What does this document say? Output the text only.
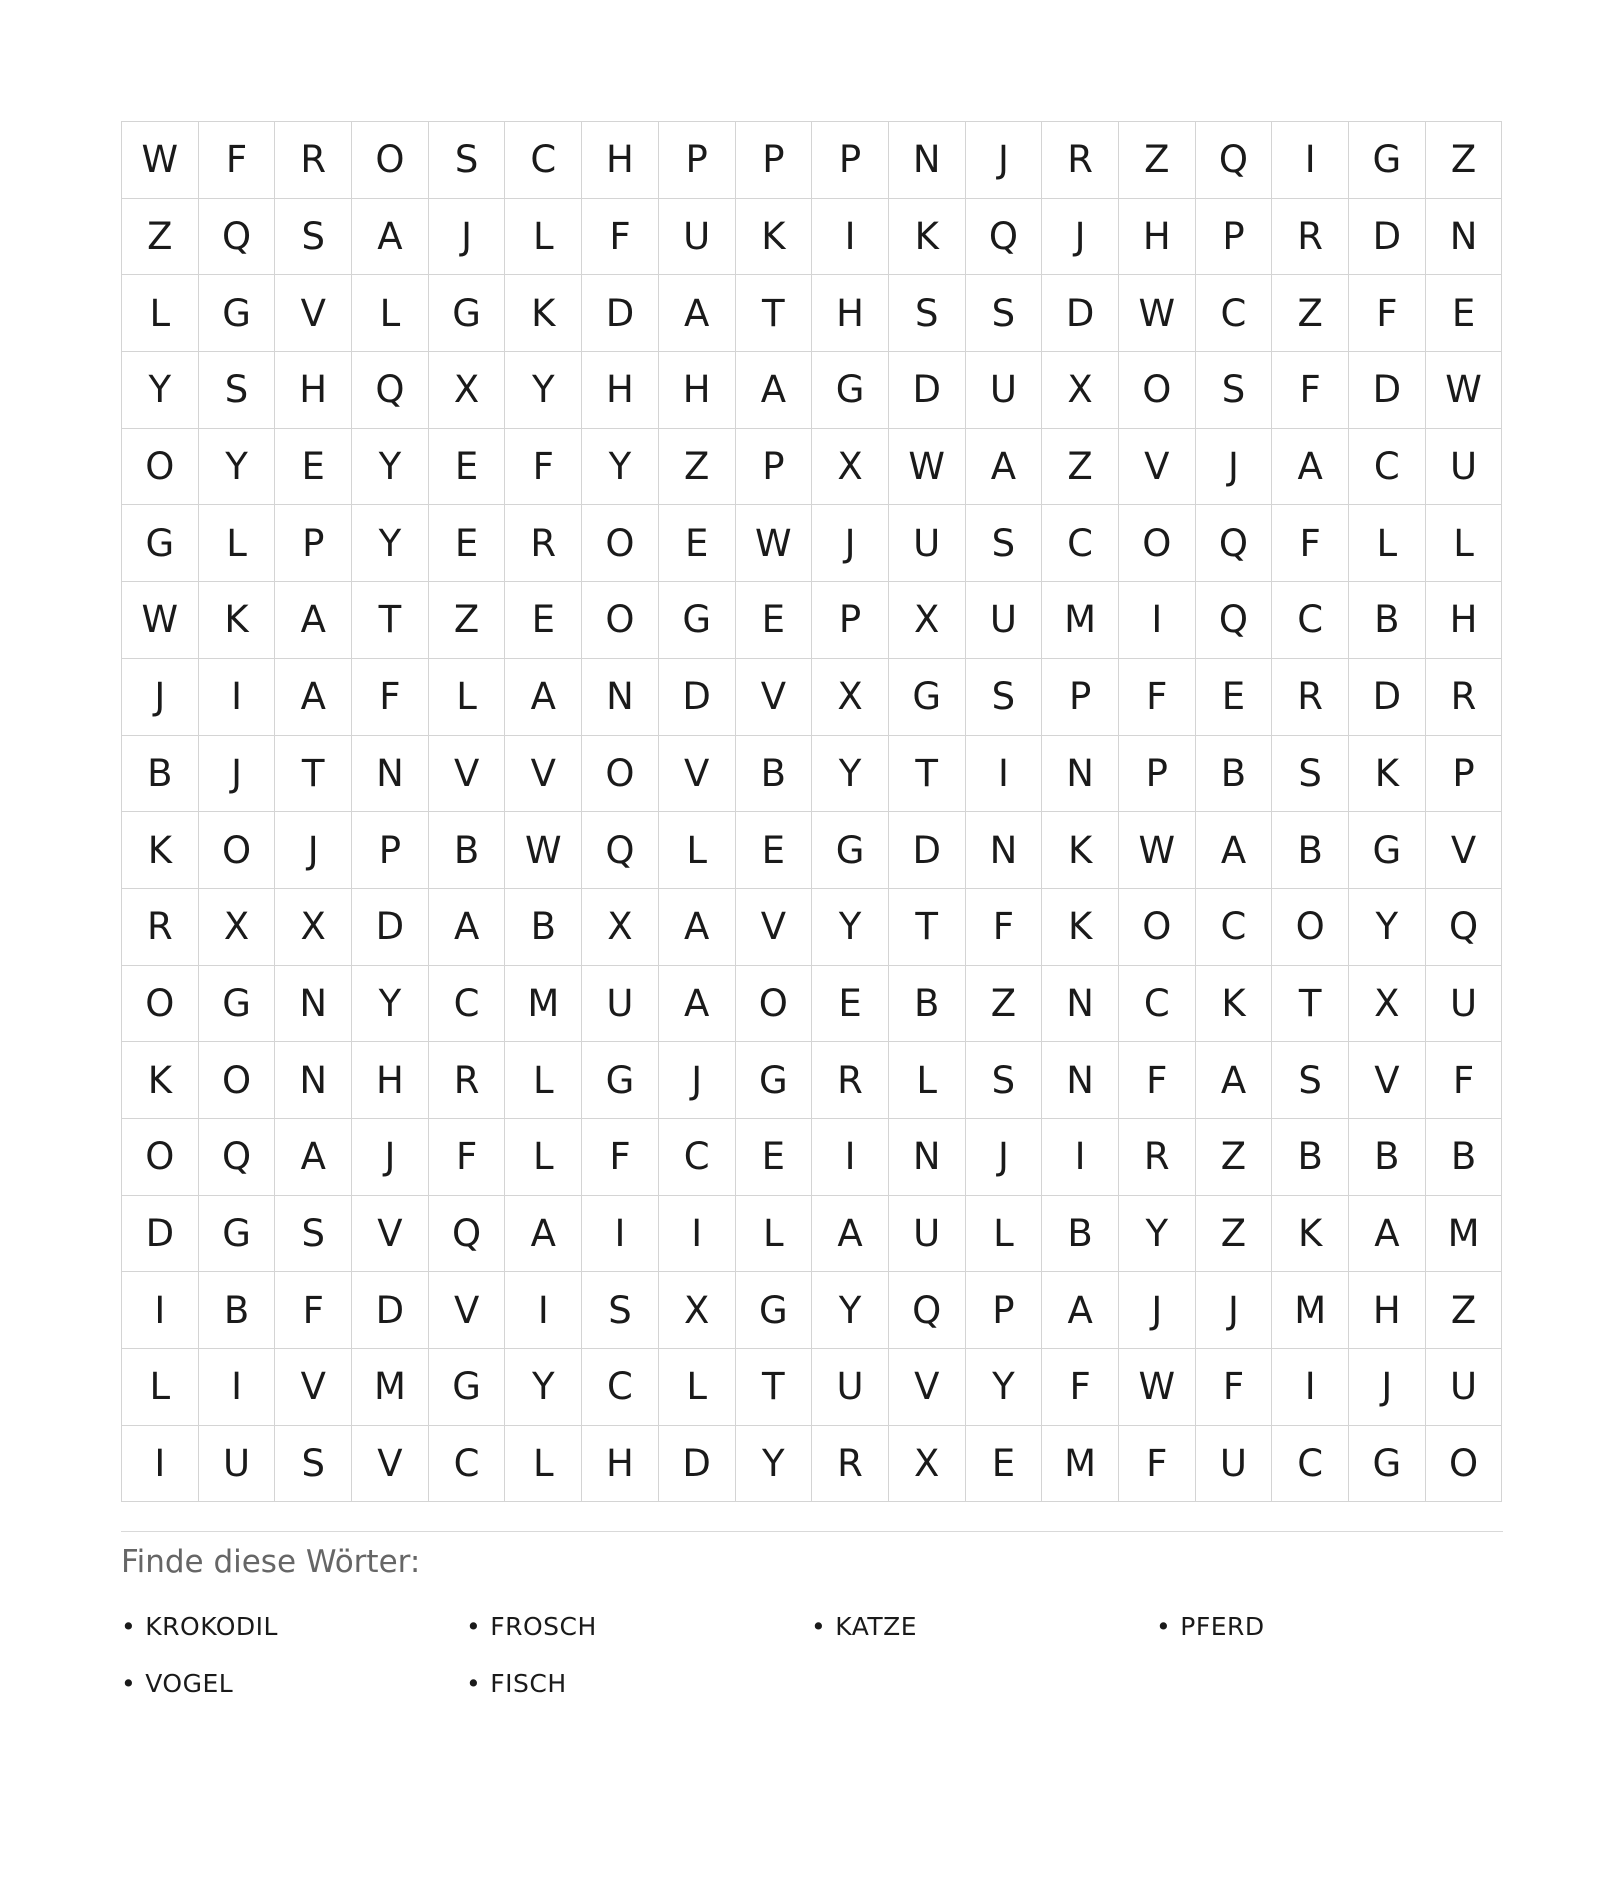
W	F	R	O	S	C	H	P	P	P	N	J	R	Z	Q	I	G	Z
Z	Q	S	A	J	L	F	U	K	I	K	Q	J	H	P	R	D	N
L	G	V	L	G	K	D	A	T	H	S	S	D	W	C	Z	F	E
Y	S	H	Q	X	Y	H	H	A	G	D	U	X	O	S	F	D	W
O	Y	E	Y	E	F	Y	Z	P	X	W	A	Z	V	J	A	C	U
G	L	P	Y	E	R	O	E	W	J	U	S	C	O	Q	F	L	L
W	K	A	T	Z	E	O	G	E	P	X	U	M	I	Q	C	B	H
J	I	A	F	L	A	N	D	V	X	G	S	P	F	E	R	D	R
B	J	T	N	V	V	O	V	B	Y	T	I	N	P	B	S	K	P
K	O	J	P	B	W	Q	L	E	G	D	N	K	W	A	B	G	V
R	X	X	D	A	B	X	A	V	Y	T	F	K	O	C	O	Y	Q
O	G	N	Y	C	M	U	A	O	E	B	Z	N	C	K	T	X	U
K	O	N	H	R	L	G	J	G	R	L	S	N	F	A	S	V	F
O	Q	A	J	F	L	F	C	E	I	N	J	I	R	Z	B	B	B
D	G	S	V	Q	A	I	I	L	A	U	L	B	Y	Z	K	A	M
I	B	F	D	V	I	S	X	G	Y	Q	P	A	J	J	M	H	Z
L	I	V	M	G	Y	C	L	T	U	V	Y	F	W	F	I	J	U
I	U	S	V	C	L	H	D	Y	R	X	E	M	F	U	C	G	O
Finde diese Wörter:
• KROKODIL	• FROSCH	• KATZE	• PFERD
• VOGEL	• FISCH
